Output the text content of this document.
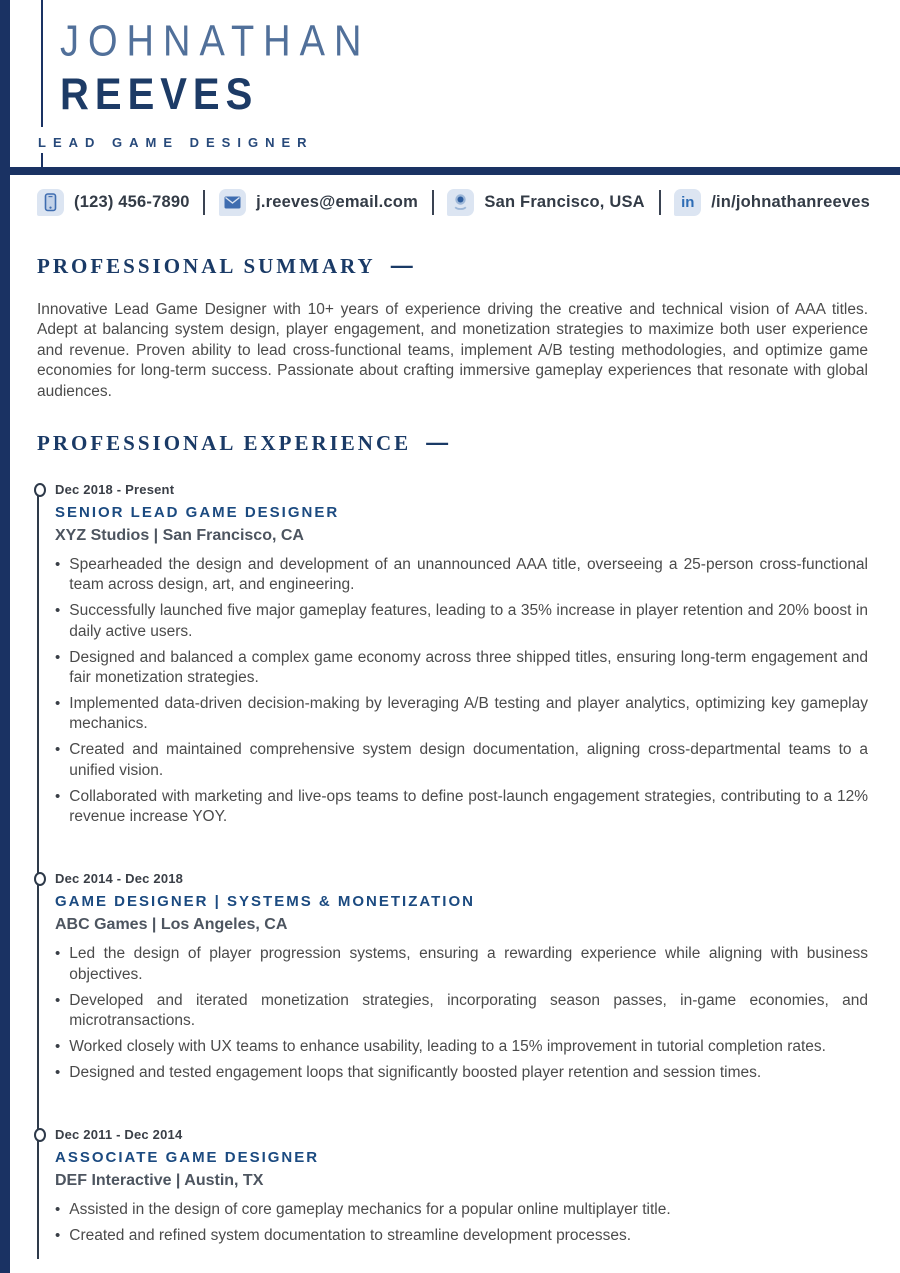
JOHNATHAN
REEVES
LEAD GAME DESIGNER
(123) 456-7890	j.reeves@email.com	San Francisco, USA in /in/johnathanreeves
PROFESSIONAL SUMMARY —
Innovative Lead Game Designer with 10+ years of experience driving the creative and technical vision of AAA titles. Adept at balancing system design, player engagement, and monetization strategies to maximize both user experience and revenue. Proven ability to lead cross-functional teams, implement A/B testing methodologies, and optimize game economies for long-term success. Passionate about crafting immersive gameplay experiences that resonate with global audiences.
PROFESSIONAL EXPERIENCE —
Dec 2018 - Present
SENIOR LEAD GAME DESIGNER
XYZ Studios | San Francisco, CA
• Spearheaded the design and development of an unannounced AAA title, overseeing a 25-person cross-functional team across design, art, and engineering.
• Successfully launched five major gameplay features, leading to a 35% increase in player retention and 20% boost in daily active users.
• Designed and balanced a complex game economy across three shipped titles, ensuring long-term engagement and fair monetization strategies.
• Implemented data-driven decision-making by leveraging A/B testing and player analytics, optimizing key gameplay mechanics.
• Created and maintained comprehensive system design documentation, aligning cross-departmental teams to a unified vision.
• Collaborated with marketing and live-ops teams to define post-launch engagement strategies, contributing to a 12% revenue increase YOY.
Dec 2014 - Dec 2018
GAME DESIGNER | SYSTEMS & MONETIZATION
ABC Games | Los Angeles, CA
• Led the design of player progression systems, ensuring a rewarding experience while aligning with business objectives.
• Developed and iterated monetization strategies, incorporating season passes, in-game economies, and microtransactions.
• Worked closely with UX teams to enhance usability, leading to a 15% improvement in tutorial completion rates.
• Designed and tested engagement loops that significantly boosted player retention and session times.
Dec 2011 - Dec 2014
ASSOCIATE GAME DESIGNER
DEF Interactive | Austin, TX
• Assisted in the design of core gameplay mechanics for a popular online multiplayer title.
• Created and refined system documentation to streamline development processes.
